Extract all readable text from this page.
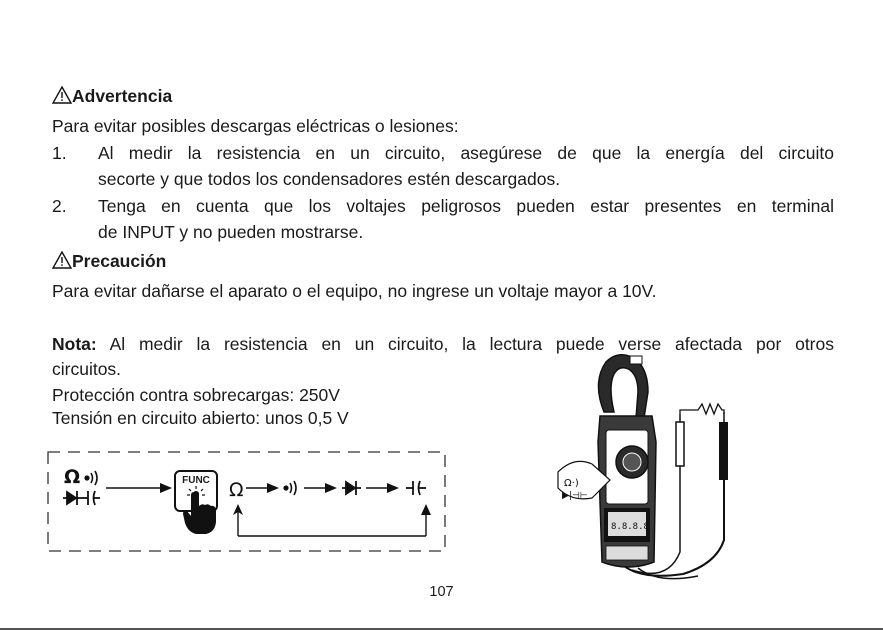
Advertencia
Para evitar posibles descargas eléctricas o lesiones:
1. Al medir la resistencia en un circuito, asegúrese de que la energía del circuito
secorte y que todos los condensadores estén descargados.
2. Tenga en cuenta que los voltajes peligrosos pueden estar presentes en terminal
de INPUT y no pueden mostrarse.
Precaución
Para evitar dañarse el aparato o el equipo, no ingrese un voltaje mayor a 10V.
Nota: Al medir la resistencia en un circuito, la lectura puede verse afectada por otros
circuitos.
Protección contra sobrecargas: 250V
Tensión en circuito abierto: unos 0,5 V
Ω
Ω
FUNC
8.8.8.8
Ω·)
▶|⊣⊢
107
